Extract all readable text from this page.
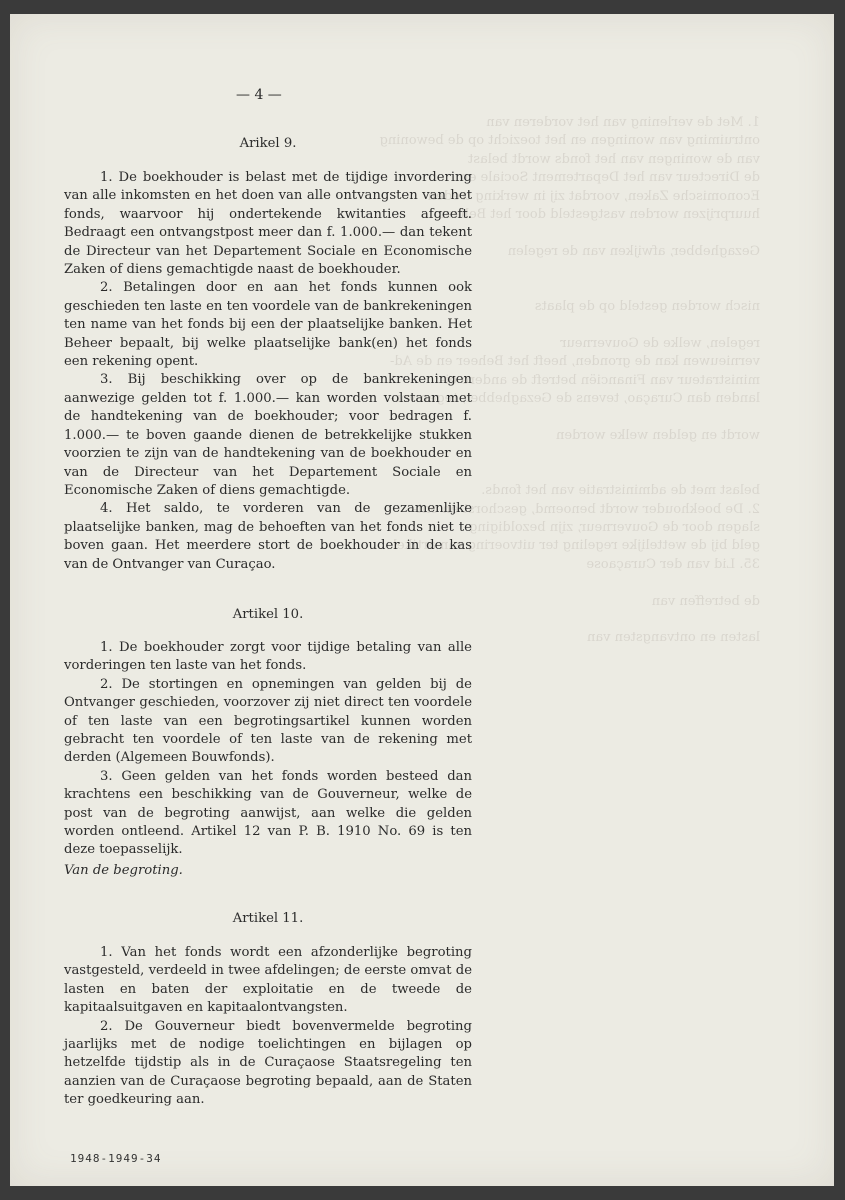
1. Met de verlening van het vorderen van
ontruiming van woningen en het toezicht op de bewoning
van de woningen van het fonds wordt belast
de Directeur van het Departement Sociale en
Economische Zaken, voordat zij in werking treden
huurprijzen worden vastgesteld door het Beheer

Gezaghebber, afwijken van de regelen

nisch worden gesteld op de plaats

regelen, welke de Gouverneur
vernieuwen kan de gronden, heeft het Beheer en de Ad-
ministrateur van Financiën betreft de andere ei-
landen dan Curaçao, tevens de Gezaghebber, tegen vor-

wordt en gelden welke worden

belast met de administratie van het fonds.
2. De boekhouder wordt benoemd, geschorst en ont-
slagen door de Gouverneur, zijn bezoldiging
geld bij de wettelijke regeling ter uitvoering van artikel
35. Lid van der Curaçaose

de betreffen van

lasten en ontvangsten van
— 4 —
Arikel 9.

1. De boekhouder is belast met de tijdige invordering van alle inkomsten en het doen van alle ontvangsten van het fonds, waarvoor hij ondertekende kwitanties afgeeft. Bedraagt een ontvangstpost meer dan f. 1.000.— dan tekent de Directeur van het Departement Sociale en Economische Zaken of diens gemachtigde naast de boekhouder.

2. Betalingen door en aan het fonds kunnen ook geschieden ten laste en ten voordele van de bankrekeningen ten name van het fonds bij een der plaatselijke banken. Het Beheer bepaalt, bij welke plaatselijke bank(en) het fonds een rekening opent.

3. Bij beschikking over op de bankrekeningen aanwezige gelden tot f. 1.000.— kan worden volstaan met de handtekening van de boekhouder; voor bedragen f. 1.000.— te boven gaande dienen de betrekkelijke stukken voorzien te zijn van de handtekening van de boekhouder en van de Directeur van het Departement Sociale en Economische Zaken of diens gemachtigde.

4. Het saldo, te vorderen van de gezamenlijke plaatselijke banken, mag de behoeften van het fonds niet te boven gaan. Het meerdere stort de boekhouder in de kas van de Ontvanger van Curaçao.

Artikel 10.

1. De boekhouder zorgt voor tijdige betaling van alle vorderingen ten laste van het fonds.

2. De stortingen en opnemingen van gelden bij de Ontvanger geschieden, voorzover zij niet direct ten voordele of ten laste van een begrotingsartikel kunnen worden gebracht ten voordele of ten laste van de rekening met derden (Algemeen Bouwfonds).

3. Geen gelden van het fonds worden besteed dan krachtens een beschikking van de Gouverneur, welke de post van de begroting aanwijst, aan welke die gelden worden ontleend. Artikel 12 van P. B. 1910 No. 69 is ten deze toepasselijk.

Van de begroting.
Artikel 11.

1. Van het fonds wordt een afzonderlijke begroting vastgesteld, verdeeld in twee afdelingen; de eerste omvat de lasten en baten der exploitatie en de tweede de kapitaalsuitgaven en kapitaalontvangsten.

2. De Gouverneur biedt bovenvermelde begroting jaarlijks met de nodige toelichtingen en bijlagen op hetzelfde tijdstip als in de Curaçaose Staatsregeling ten aanzien van de Curaçaose begroting bepaald, aan de Staten ter goedkeuring aan.

1948-1949-34
